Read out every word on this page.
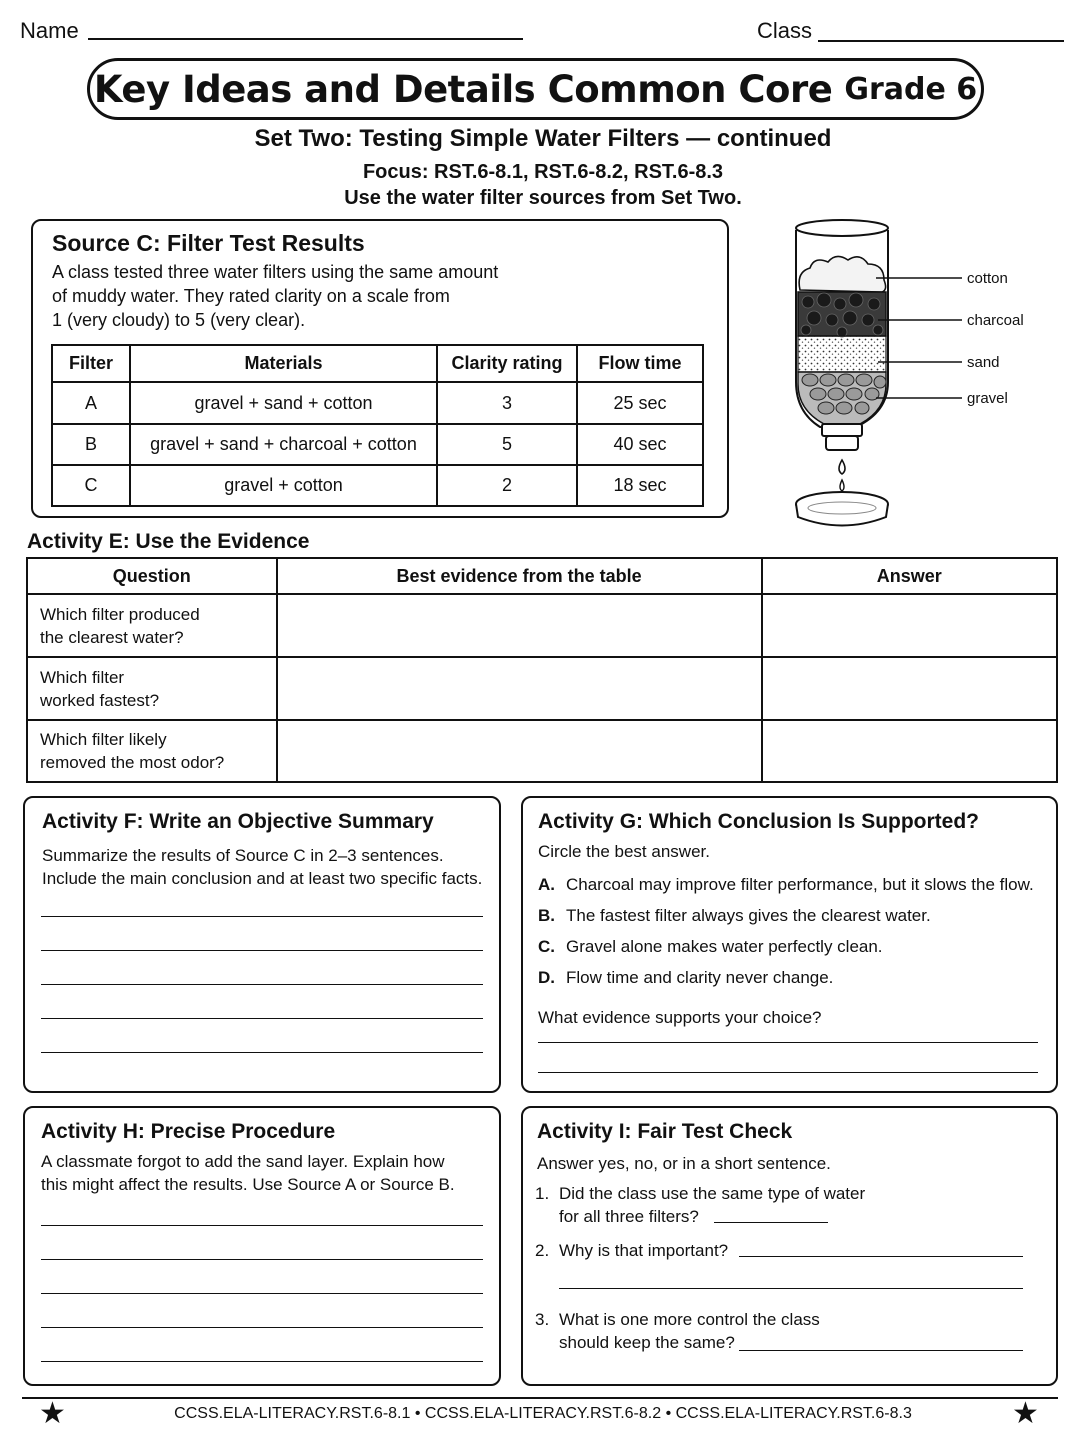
Name	Class
Key Ideas and Details Common Core Grade 6
Set Two: Testing Simple Water Filters — continued
Focus: RST.6-8.1, RST.6-8.2, RST.6-8.3
Use the water filter sources from Set Two.
Source C: Filter Test Results
A class tested three water filters using the same amount
of muddy water. They rated clarity on a scale from
1 (very cloudy) to 5 (very clear).
Filter	Materials	Clarity rating	Flow time
A	gravel + sand + cotton	3	25 sec
B	gravel + sand + charcoal + cotton	5	40 sec
C	gravel + cotton	2	18 sec
cotton
charcoal
sand
gravel
Activity E: Use the Evidence
Question	Best evidence from the table	Answer

Which filter produced
the clearest water?		

Which filter
worked fastest?		

Which filter likely
removed the most odor?		

Activity F: Write an Objective Summary
Summarize the results of Source C in 2–3 sentences.
Include the main conclusion and at least two specific facts.
Activity G: Which Conclusion Is Supported?
Circle the best answer.
A. Charcoal may improve filter performance, but it slows the flow.
B. The fastest filter always gives the clearest water.
C. Gravel alone makes water perfectly clean.
D. Flow time and clarity never change.
What evidence supports your choice?
Activity H: Precise Procedure
A classmate forgot to add the sand layer. Explain how
this might affect the results. Use Source A or Source B.
Activity I: Fair Test Check
Answer yes, no, or in a short sentence.
1. Did the class use the same type of water
for all three filters?
2. Why is that important?
3. What is one more control the class
should keep the same?
★	CCSS.ELA-LITERACY.RST.6-8.1 • CCSS.ELA-LITERACY.RST.6-8.2 • CCSS.ELA-LITERACY.RST.6-8.3	★
